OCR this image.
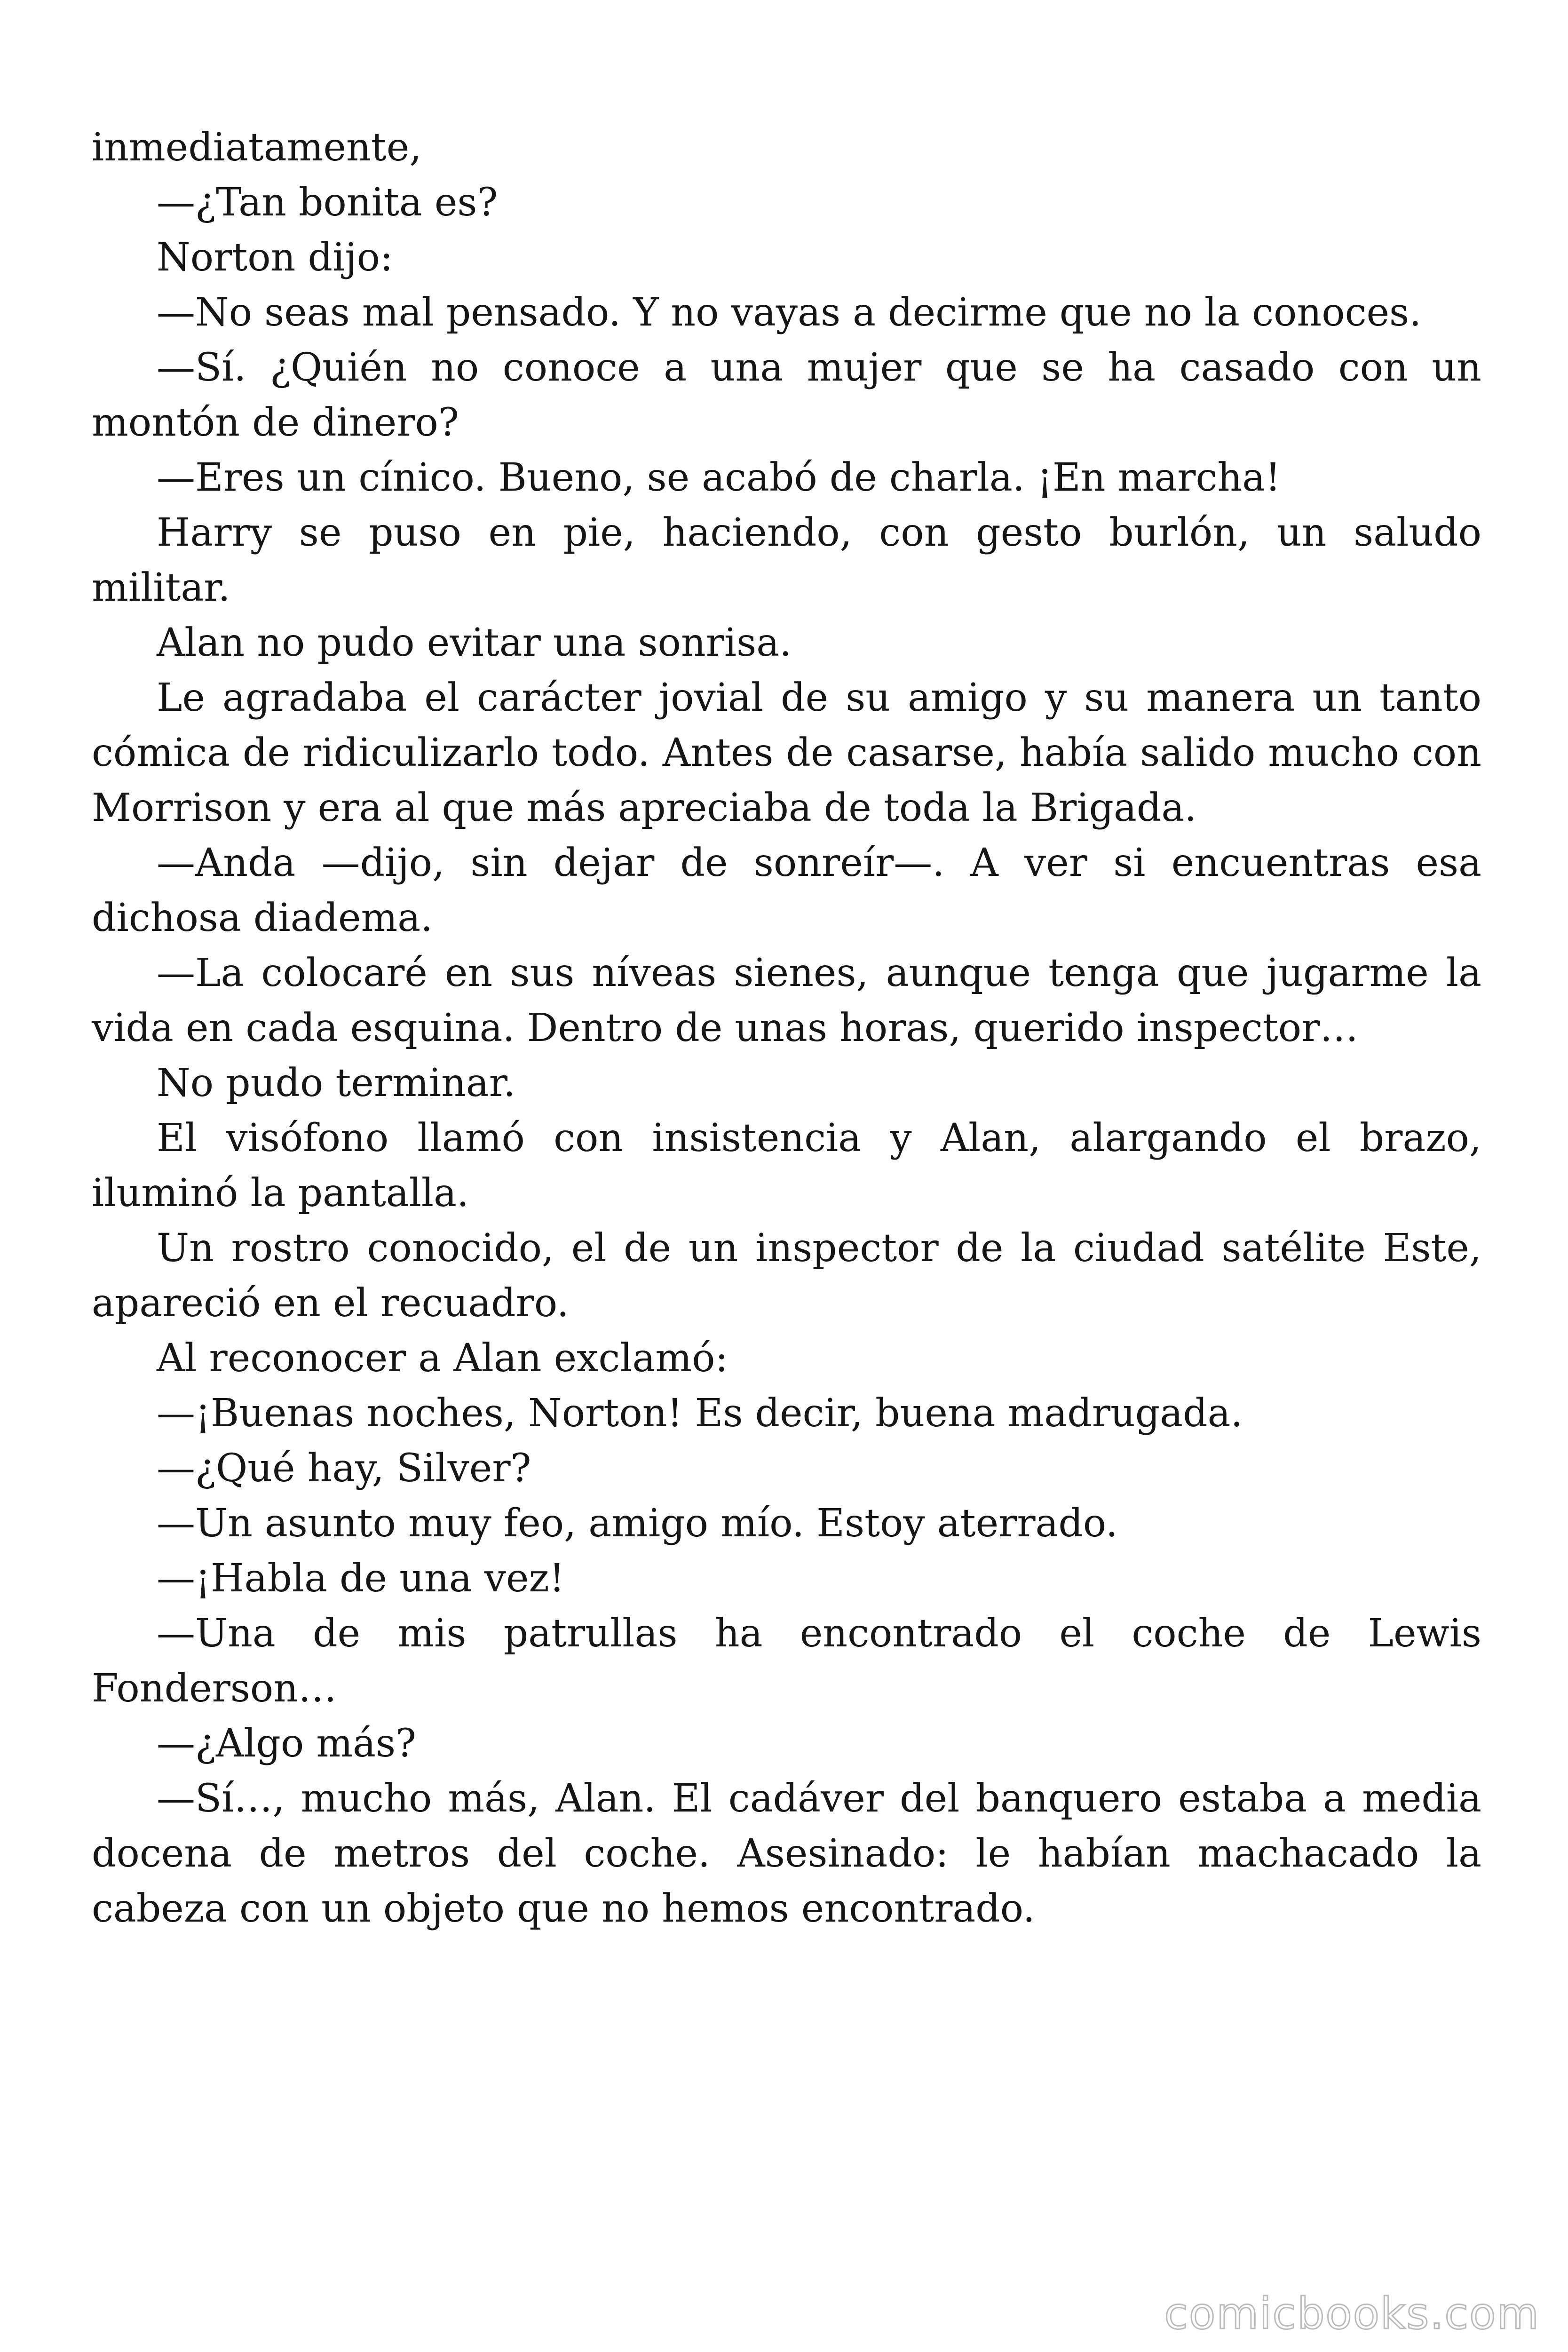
inmediatamente,

—¿Tan bonita es?

Norton dijo:

—No seas mal pensado. Y no vayas a decirme que no la conoces.

—Sí. ¿Quién no conoce a una mujer que se ha casado con un montón de dinero?

—Eres un cínico. Bueno, se acabó de charla. ¡En marcha!

Harry se puso en pie, haciendo, con gesto burlón, un saludo militar.

Alan no pudo evitar una sonrisa.

Le agradaba el carácter jovial de su amigo y su manera un tanto cómica de ridiculizarlo todo. Antes de casarse, había salido mucho con Morrison y era al que más apreciaba de toda la Brigada.

—Anda —dijo, sin dejar de sonreír—. A ver si encuentras esa dichosa diadema.

—La colocaré en sus níveas sienes, aunque tenga que jugarme la vida en cada esquina. Dentro de unas horas, querido inspector…

No pudo terminar.

El visófono llamó con insistencia y Alan, alargando el brazo, iluminó la pantalla.

Un rostro conocido, el de un inspector de la ciudad satélite Este, apareció en el recuadro.

Al reconocer a Alan exclamó:

—¡Buenas noches, Norton! Es decir, buena madrugada.

—¿Qué hay, Silver?

—Un asunto muy feo, amigo mío. Estoy aterrado.

—¡Habla de una vez!

—Una de mis patrullas ha encontrado el coche de Lewis Fonderson…

—¿Algo más?

—Sí…, mucho más, Alan. El cadáver del banquero estaba a media docena de metros del coche. Asesinado: le habían machacado la cabeza con un objeto que no hemos encontrado.

comicbooks.com
